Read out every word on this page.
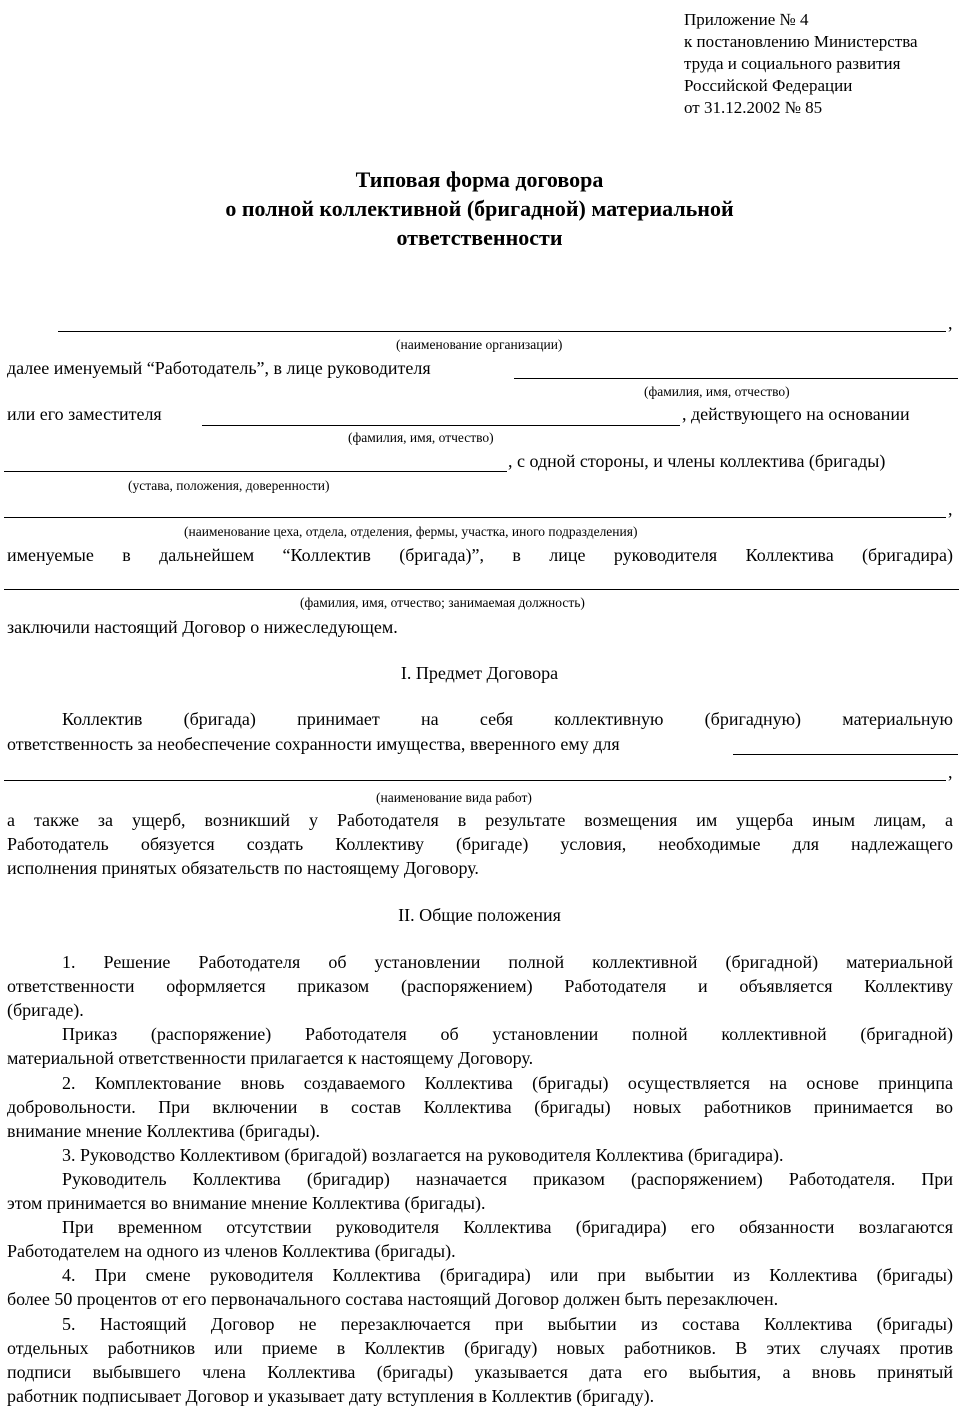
Приложение № 4
к постановлению Министерства
труда и социального развития
Российской Федерации
от 31.12.2002 № 85
Типовая форма договора
о полной коллективной (бригадной) материальной
ответственности
,
(наименование организации)
далее именуемый “Работодатель”, в лице руководителя
(фамилия, имя, отчество)
или его заместителя	, действующего на основании
(фамилия, имя, отчество)
, с одной стороны, и члены коллектива (бригады)
(устава, положения, доверенности)
,
(наименование цеха, отдела, отделения, фермы, участка, иного подразделения)
именуемые в дальнейшем “Коллектив (бригада)”, в лице руководителя Коллектива (бригадира)
(фамилия, имя, отчество; занимаемая должность)
заключили настоящий Договор о нижеследующем.
I. Предмет Договора
Коллектив (бригада) принимает на себя коллективную (бригадную) материальную
ответственность за необеспечение сохранности имущества, вверенного ему для
,
(наименование вида работ)
а также за ущерб, возникший у Работодателя в результате возмещения им ущерба иным лицам, а
Работодатель обязуется создать Коллективу (бригаде) условия, необходимые для надлежащего
исполнения принятых обязательств по настоящему Договору.
II. Общие положения
1. Решение Работодателя об установлении полной коллективной (бригадной) материальной
ответственности оформляется приказом (распоряжением) Работодателя и объявляется Коллективу
(бригаде).
Приказ (распоряжение) Работодателя об установлении полной коллективной (бригадной)
материальной ответственности прилагается к настоящему Договору.
2. Комплектование вновь создаваемого Коллектива (бригады) осуществляется на основе принципа
добровольности. При включении в состав Коллектива (бригады) новых работников принимается во
внимание мнение Коллектива (бригады).
3. Руководство Коллективом (бригадой) возлагается на руководителя Коллектива (бригадира).
Руководитель Коллектива (бригадир) назначается приказом (распоряжением) Работодателя. При
этом принимается во внимание мнение Коллектива (бригады).
При временном отсутствии руководителя Коллектива (бригадира) его обязанности возлагаются
Работодателем на одного из членов Коллектива (бригады).
4. При смене руководителя Коллектива (бригадира) или при выбытии из Коллектива (бригады)
более 50 процентов от его первоначального состава настоящий Договор должен быть перезаключен.
5. Настоящий Договор не перезаключается при выбытии из состава Коллектива (бригады)
отдельных работников или приеме в Коллектив (бригаду) новых работников. В этих случаях против
подписи выбывшего члена Коллектива (бригады) указывается дата его выбытия, а вновь принятый
работник подписывает Договор и указывает дату вступления в Коллектив (бригаду).
